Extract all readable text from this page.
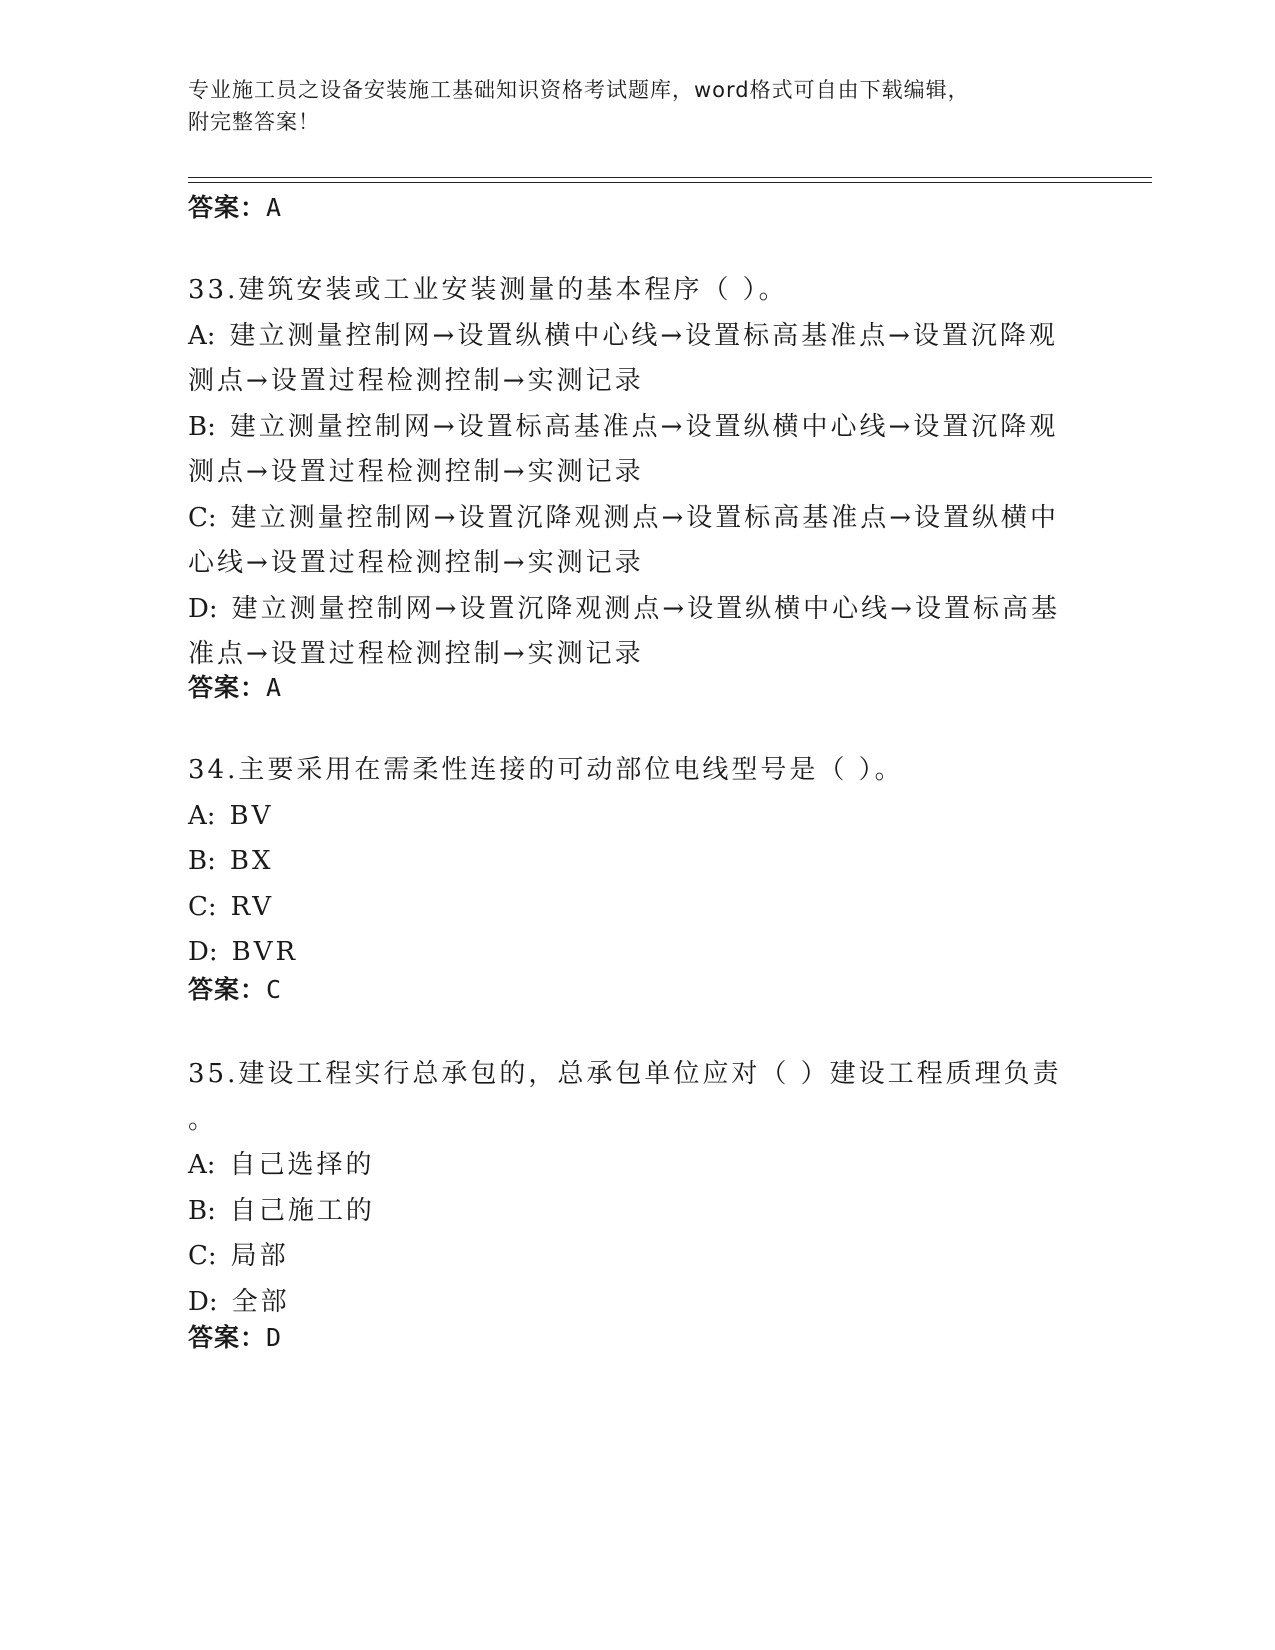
专业施工员之设备安装施工基础知识资格考试题库，word格式可自由下载编辑，
附完整答案！
答案：A
33.建筑安装或工业安装测量的基本程序（ ）。
A: 建立测量控制网→设置纵横中心线→设置标高基准点→设置沉降观
测点→设置过程检测控制→实测记录
B: 建立测量控制网→设置标高基准点→设置纵横中心线→设置沉降观
测点→设置过程检测控制→实测记录
C: 建立测量控制网→设置沉降观测点→设置标高基准点→设置纵横中
心线→设置过程检测控制→实测记录
D: 建立测量控制网→设置沉降观测点→设置纵横中心线→设置标高基
准点→设置过程检测控制→实测记录
答案：A
34.主要采用在需柔性连接的可动部位电线型号是（ ）。
A: BV
B: BX
C: RV
D: BVR
答案：C
35.建设工程实行总承包的，总承包单位应对（ ）建设工程质理负责
。
A: 自己选择的
B: 自己施工的
C: 局部
D: 全部
答案：D
